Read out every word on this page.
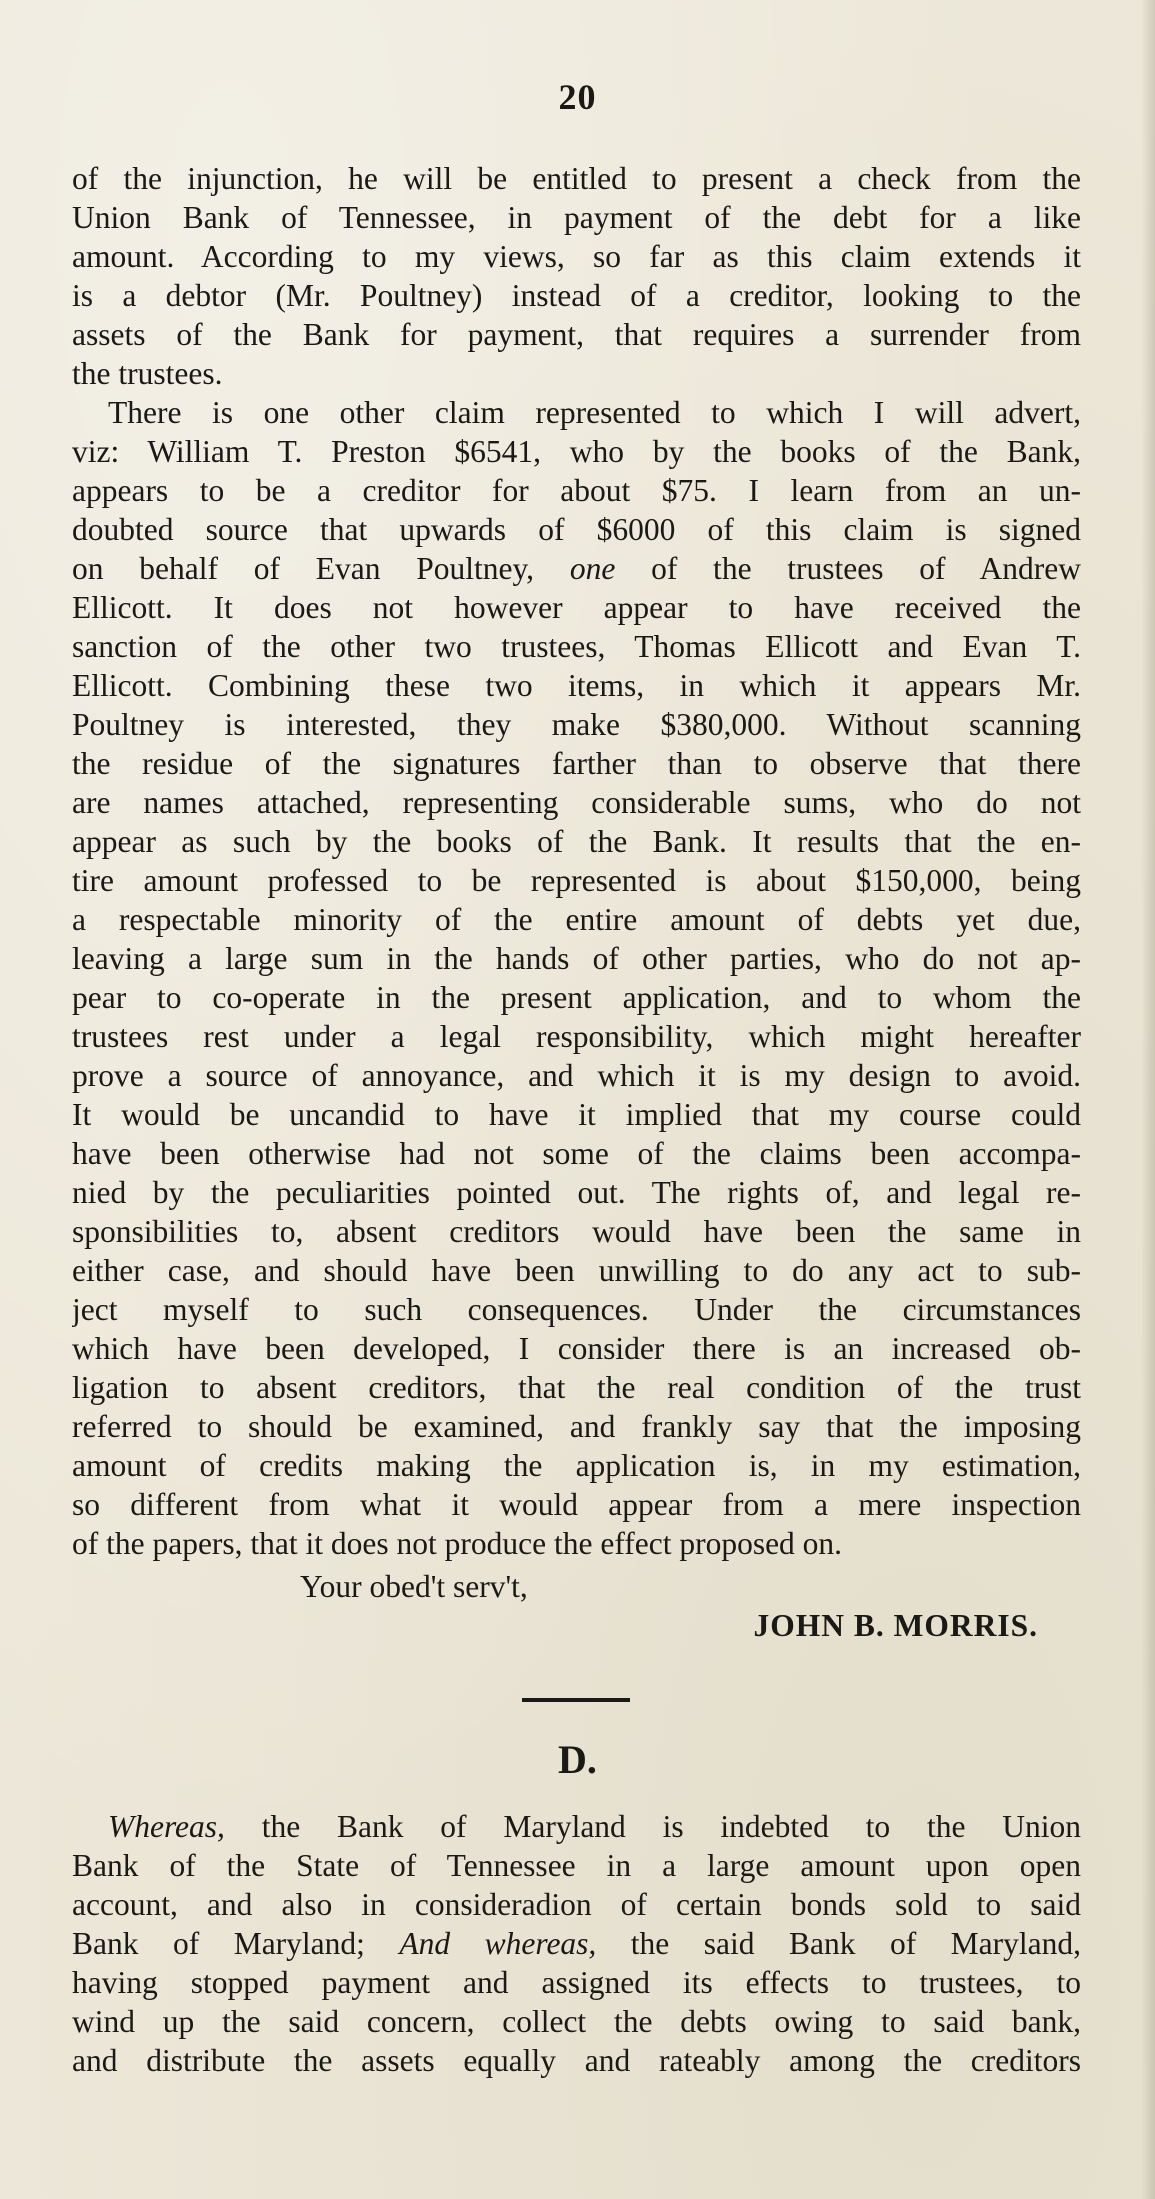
20
of the injunction, he will be entitled to present a check from the
Union Bank of Tennessee, in payment of the debt for a like
amount. According to my views, so far as this claim extends it
is a debtor (Mr. Poultney) instead of a creditor, looking to the
assets of the Bank for payment, that requires a surrender from
the trustees.
There is one other claim represented to which I will advert,
viz: William T. Preston $6541, who by the books of the Bank,
appears to be a creditor for about $75. I learn from an un-
doubted source that upwards of $6000 of this claim is signed
on behalf of Evan Poultney, one of the trustees of Andrew
Ellicott. It does not however appear to have received the
sanction of the other two trustees, Thomas Ellicott and Evan T.
Ellicott. Combining these two items, in which it appears Mr.
Poultney is interested, they make $380,000. Without scanning
the residue of the signatures farther than to observe that there
are names attached, representing considerable sums, who do not
appear as such by the books of the Bank. It results that the en-
tire amount professed to be represented is about $150,000, being
a respectable minority of the entire amount of debts yet due,
leaving a large sum in the hands of other parties, who do not ap-
pear to co-operate in the present application, and to whom the
trustees rest under a legal responsibility, which might hereafter
prove a source of annoyance, and which it is my design to avoid.
It would be uncandid to have it implied that my course could
have been otherwise had not some of the claims been accompa-
nied by the peculiarities pointed out. The rights of, and legal re-
sponsibilities to, absent creditors would have been the same in
either case, and should have been unwilling to do any act to sub-
ject myself to such consequences. Under the circumstances
which have been developed, I consider there is an increased ob-
ligation to absent creditors, that the real condition of the trust
referred to should be examined, and frankly say that the imposing
amount of credits making the application is, in my estimation,
so different from what it would appear from a mere inspection
of the papers, that it does not produce the effect proposed on.
Your obed't serv't,
JOHN B. MORRIS.
D.
Whereas, the Bank of Maryland is indebted to the Union
Bank of the State of Tennessee in a large amount upon open
account, and also in consideradion of certain bonds sold to said
Bank of Maryland; And whereas, the said Bank of Maryland,
having stopped payment and assigned its effects to trustees, to
wind up the said concern, collect the debts owing to said bank,
and distribute the assets equally and rateably among the creditors
